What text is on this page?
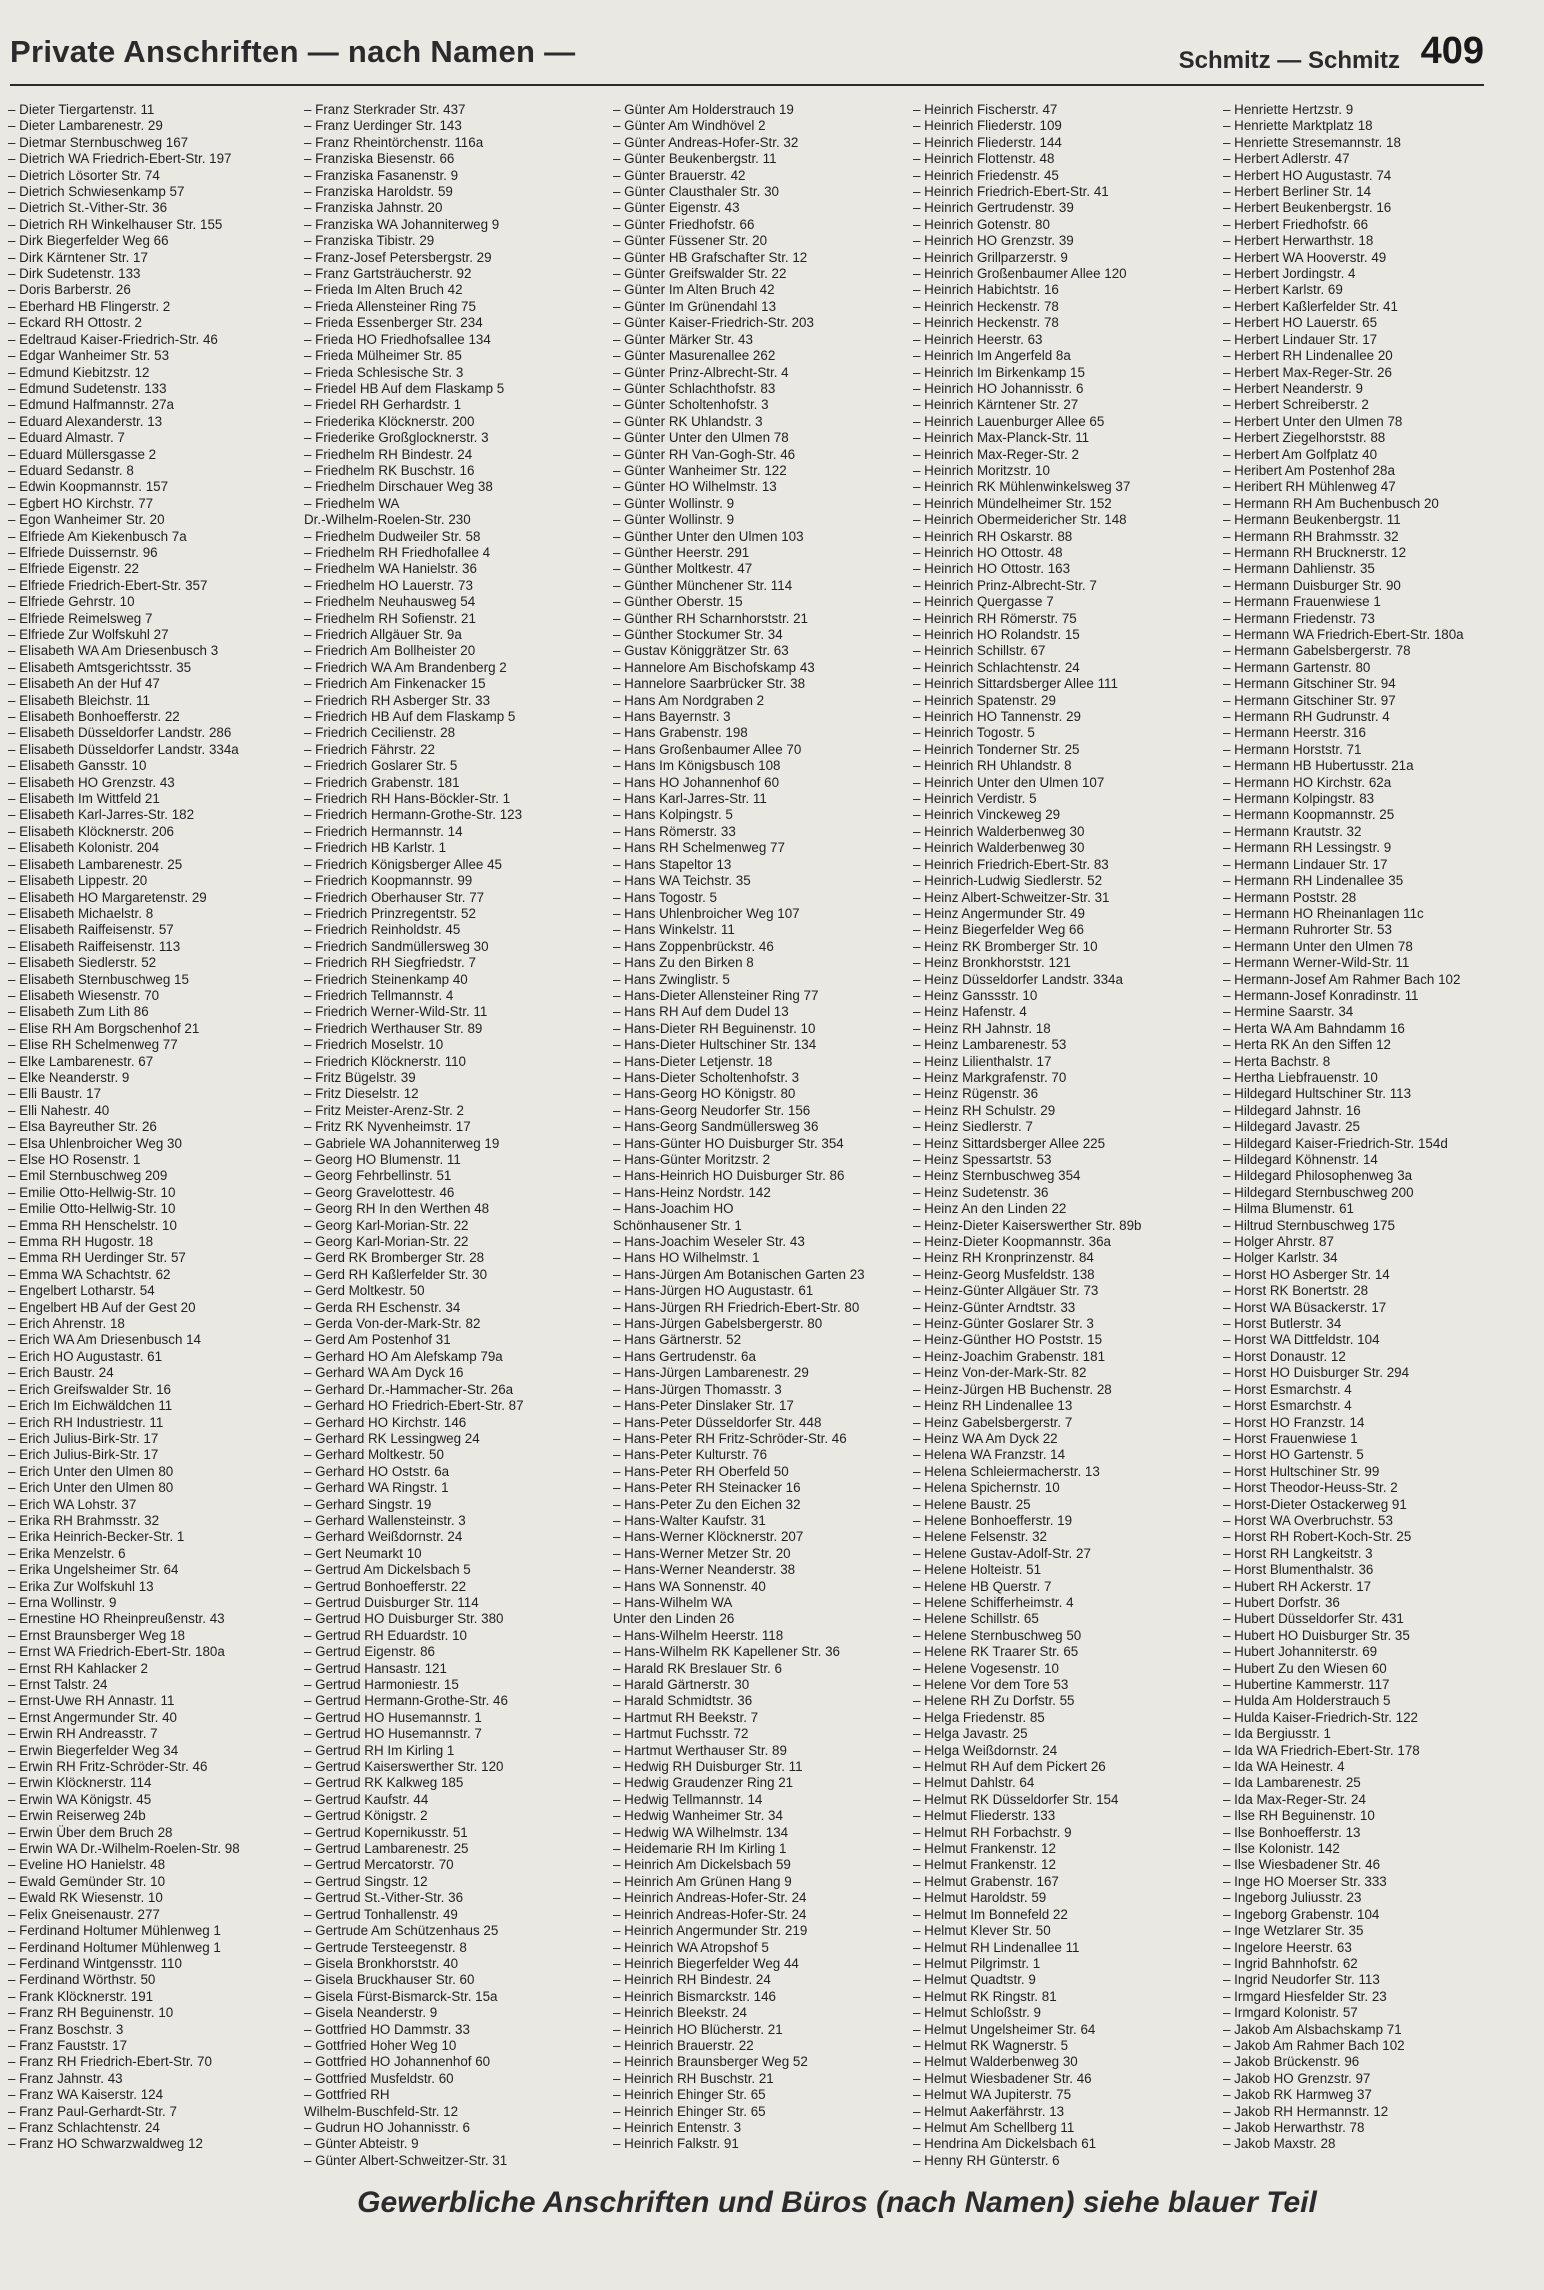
Private Anschriften — nach Namen —	Schmitz — Schmitz 409
– Dieter Tiergartenstr. 11
– Dieter Lambarenestr. 29
– Dietmar Sternbuschweg 167
– Dietrich WA Friedrich-Ebert-Str. 197
– Dietrich Lösorter Str. 74
– Dietrich Schwiesenkamp 57
– Dietrich St.-Vither-Str. 36
– Dietrich RH Winkelhauser Str. 155
– Dirk Biegerfelder Weg 66
– Dirk Kärntener Str. 17
– Dirk Sudetenstr. 133
– Doris Barberstr. 26
– Eberhard HB Flingerstr. 2
– Eckard RH Ottostr. 2
– Edeltraud Kaiser-Friedrich-Str. 46
– Edgar Wanheimer Str. 53
– Edmund Kiebitzstr. 12
– Edmund Sudetenstr. 133
– Edmund Halfmannstr. 27a
– Eduard Alexanderstr. 13
– Eduard Almastr. 7
– Eduard Müllersgasse 2
– Eduard Sedanstr. 8
– Edwin Koopmannstr. 157
– Egbert HO Kirchstr. 77
– Egon Wanheimer Str. 20
– Elfriede Am Kiekenbusch 7a
– Elfriede Duissernstr. 96
– Elfriede Eigenstr. 22
– Elfriede Friedrich-Ebert-Str. 357
– Elfriede Gehrstr. 10
– Elfriede Reimelsweg 7
– Elfriede Zur Wolfskuhl 27
– Elisabeth WA Am Driesenbusch 3
– Elisabeth Amtsgerichtsstr. 35
– Elisabeth An der Huf 47
– Elisabeth Bleichstr. 11
– Elisabeth Bonhoefferstr. 22
– Elisabeth Düsseldorfer Landstr. 286
– Elisabeth Düsseldorfer Landstr. 334a
– Elisabeth Gansstr. 10
– Elisabeth HO Grenzstr. 43
– Elisabeth Im Wittfeld 21
– Elisabeth Karl-Jarres-Str. 182
– Elisabeth Klöcknerstr. 206
– Elisabeth Kolonistr. 204
– Elisabeth Lambarenestr. 25
– Elisabeth Lippestr. 20
– Elisabeth HO Margaretenstr. 29
– Elisabeth Michaelstr. 8
– Elisabeth Raiffeisenstr. 57
– Elisabeth Raiffeisenstr. 113
– Elisabeth Siedlerstr. 52
– Elisabeth Sternbuschweg 15
– Elisabeth Wiesenstr. 70
– Elisabeth Zum Lith 86
– Elise RH Am Borgschenhof 21
– Elise RH Schelmenweg 77
– Elke Lambarenestr. 67
– Elke Neanderstr. 9
– Elli Baustr. 17
– Elli Nahestr. 40
– Elsa Bayreuther Str. 26
– Elsa Uhlenbroicher Weg 30
– Else HO Rosenstr. 1
– Emil Sternbuschweg 209
– Emilie Otto-Hellwig-Str. 10
– Emilie Otto-Hellwig-Str. 10
– Emma RH Henschelstr. 10
– Emma RH Hugostr. 18
– Emma RH Uerdinger Str. 57
– Emma WA Schachtstr. 62
– Engelbert Lotharstr. 54
– Engelbert HB Auf der Gest 20
– Erich Ahrenstr. 18
– Erich WA Am Driesenbusch 14
– Erich HO Augustastr. 61
– Erich Baustr. 24
– Erich Greifswalder Str. 16
– Erich Im Eichwäldchen 11
– Erich RH Industriestr. 11
– Erich Julius-Birk-Str. 17
– Erich Julius-Birk-Str. 17
– Erich Unter den Ulmen 80
– Erich Unter den Ulmen 80
– Erich WA Lohstr. 37
– Erika RH Brahmsstr. 32
– Erika Heinrich-Becker-Str. 1
– Erika Menzelstr. 6
– Erika Ungelsheimer Str. 64
– Erika Zur Wolfskuhl 13
– Erna Wollinstr. 9
– Ernestine HO Rheinpreußenstr. 43
– Ernst Braunsberger Weg 18
– Ernst WA Friedrich-Ebert-Str. 180a
– Ernst RH Kahlacker 2
– Ernst Talstr. 24
– Ernst-Uwe RH Annastr. 11
– Ernst Angermunder Str. 40
– Erwin RH Andreasstr. 7
– Erwin Biegerfelder Weg 34
– Erwin RH Fritz-Schröder-Str. 46
– Erwin Klöcknerstr. 114
– Erwin WA Königstr. 45
– Erwin Reiserweg 24b
– Erwin Über dem Bruch 28
– Erwin WA Dr.-Wilhelm-Roelen-Str. 98
– Eveline HO Hanielstr. 48
– Ewald Gemünder Str. 10
– Ewald RK Wiesenstr. 10
– Felix Gneisenaustr. 277
– Ferdinand Holtumer Mühlenweg 1
– Ferdinand Holtumer Mühlenweg 1
– Ferdinand Wintgensstr. 110
– Ferdinand Wörthstr. 50
– Frank Klöcknerstr. 191
– Franz RH Beguinenstr. 10
– Franz Boschstr. 3
– Franz Fauststr. 17
– Franz RH Friedrich-Ebert-Str. 70
– Franz Jahnstr. 43
– Franz WA Kaiserstr. 124
– Franz Paul-Gerhardt-Str. 7
– Franz Schlachtenstr. 24
– Franz HO Schwarzwaldweg 12
– Franz Sterkrader Str. 437
– Franz Uerdinger Str. 143
– Franz Rheintörchenstr. 116a
– Franziska Biesenstr. 66
– Franziska Fasanenstr. 9
– Franziska Haroldstr. 59
– Franziska Jahnstr. 20
– Franziska WA Johanniterweg 9
– Franziska Tibistr. 29
– Franz-Josef Petersbergstr. 29
– Franz Gartsträucherstr. 92
– Frieda Im Alten Bruch 42
– Frieda Allensteiner Ring 75
– Frieda Essenberger Str. 234
– Frieda HO Friedhofsallee 134
– Frieda Mülheimer Str. 85
– Frieda Schlesische Str. 3
– Friedel HB Auf dem Flaskamp 5
– Friedel RH Gerhardstr. 1
– Friederika Klöcknerstr. 200
– Friederike Großglocknerstr. 3
– Friedhelm RH Bindestr. 24
– Friedhelm RK Buschstr. 16
– Friedhelm Dirschauer Weg 38
– Friedhelm WA
Dr.-Wilhelm-Roelen-Str. 230
– Friedhelm Dudweiler Str. 58
– Friedhelm RH Friedhofallee 4
– Friedhelm WA Hanielstr. 36
– Friedhelm HO Lauerstr. 73
– Friedhelm Neuhausweg 54
– Friedhelm RH Sofienstr. 21
– Friedrich Allgäuer Str. 9a
– Friedrich Am Bollheister 20
– Friedrich WA Am Brandenberg 2
– Friedrich Am Finkenacker 15
– Friedrich RH Asberger Str. 33
– Friedrich HB Auf dem Flaskamp 5
– Friedrich Cecilienstr. 28
– Friedrich Fährstr. 22
– Friedrich Goslarer Str. 5
– Friedrich Grabenstr. 181
– Friedrich RH Hans-Böckler-Str. 1
– Friedrich Hermann-Grothe-Str. 123
– Friedrich Hermannstr. 14
– Friedrich HB Karlstr. 1
– Friedrich Königsberger Allee 45
– Friedrich Koopmannstr. 99
– Friedrich Oberhauser Str. 77
– Friedrich Prinzregentstr. 52
– Friedrich Reinholdstr. 45
– Friedrich Sandmüllersweg 30
– Friedrich RH Siegfriedstr. 7
– Friedrich Steinenkamp 40
– Friedrich Tellmannstr. 4
– Friedrich Werner-Wild-Str. 11
– Friedrich Werthauser Str. 89
– Friedrich Moselstr. 10
– Friedrich Klöcknerstr. 110
– Fritz Bügelstr. 39
– Fritz Dieselstr. 12
– Fritz Meister-Arenz-Str. 2
– Fritz RK Nyvenheimstr. 17
– Gabriele WA Johanniterweg 19
– Georg HO Blumenstr. 11
– Georg Fehrbellinstr. 51
– Georg Gravelottestr. 46
– Georg RH In den Werthen 48
– Georg Karl-Morian-Str. 22
– Georg Karl-Morian-Str. 22
– Gerd RK Bromberger Str. 28
– Gerd RH Kaßlerfelder Str. 30
– Gerd Moltkestr. 50
– Gerda RH Eschenstr. 34
– Gerda Von-der-Mark-Str. 82
– Gerd Am Postenhof 31
– Gerhard HO Am Alefskamp 79a
– Gerhard WA Am Dyck 16
– Gerhard Dr.-Hammacher-Str. 26a
– Gerhard HO Friedrich-Ebert-Str. 87
– Gerhard HO Kirchstr. 146
– Gerhard RK Lessingweg 24
– Gerhard Moltkestr. 50
– Gerhard HO Oststr. 6a
– Gerhard WA Ringstr. 1
– Gerhard Singstr. 19
– Gerhard Wallensteinstr. 3
– Gerhard Weißdornstr. 24
– Gert Neumarkt 10
– Gertrud Am Dickelsbach 5
– Gertrud Bonhoefferstr. 22
– Gertrud Duisburger Str. 114
– Gertrud HO Duisburger Str. 380
– Gertrud RH Eduardstr. 10
– Gertrud Eigenstr. 86
– Gertrud Hansastr. 121
– Gertrud Harmoniestr. 15
– Gertrud Hermann-Grothe-Str. 46
– Gertrud HO Husemannstr. 1
– Gertrud HO Husemannstr. 7
– Gertrud RH Im Kirling 1
– Gertrud Kaiserswerther Str. 120
– Gertrud RK Kalkweg 185
– Gertrud Kaufstr. 44
– Gertrud Königstr. 2
– Gertrud Kopernikusstr. 51
– Gertrud Lambarenestr. 25
– Gertrud Mercatorstr. 70
– Gertrud Singstr. 12
– Gertrud St.-Vither-Str. 36
– Gertrud Tonhallenstr. 49
– Gertrude Am Schützenhaus 25
– Gertrude Tersteegenstr. 8
– Gisela Bronkhorststr. 40
– Gisela Bruckhauser Str. 60
– Gisela Fürst-Bismarck-Str. 15a
– Gisela Neanderstr. 9
– Gottfried HO Dammstr. 33
– Gottfried Hoher Weg 10
– Gottfried HO Johannenhof 60
– Gottfried Musfeldstr. 60
– Gottfried RH
Wilhelm-Buschfeld-Str. 12
– Gudrun HO Johannisstr. 6
– Günter Abteistr. 9
– Günter Albert-Schweitzer-Str. 31
– Günter Am Holderstrauch 19
– Günter Am Windhövel 2
– Günter Andreas-Hofer-Str. 32
– Günter Beukenbergstr. 11
– Günter Brauerstr. 42
– Günter Clausthaler Str. 30
– Günter Eigenstr. 43
– Günter Friedhofstr. 66
– Günter Füssener Str. 20
– Günter HB Grafschafter Str. 12
– Günter Greifswalder Str. 22
– Günter Im Alten Bruch 42
– Günter Im Grünendahl 13
– Günter Kaiser-Friedrich-Str. 203
– Günter Märker Str. 43
– Günter Masurenallee 262
– Günter Prinz-Albrecht-Str. 4
– Günter Schlachthofstr. 83
– Günter Scholtenhofstr. 3
– Günter RK Uhlandstr. 3
– Günter Unter den Ulmen 78
– Günter RH Van-Gogh-Str. 46
– Günter Wanheimer Str. 122
– Günter HO Wilhelmstr. 13
– Günter Wollinstr. 9
– Günter Wollinstr. 9
– Günther Unter den Ulmen 103
– Günther Heerstr. 291
– Günther Moltkestr. 47
– Günther Münchener Str. 114
– Günther Oberstr. 15
– Günther RH Scharnhorststr. 21
– Günther Stockumer Str. 34
– Gustav Königgrätzer Str. 63
– Hannelore Am Bischofskamp 43
– Hannelore Saarbrücker Str. 38
– Hans Am Nordgraben 2
– Hans Bayernstr. 3
– Hans Grabenstr. 198
– Hans Großenbaumer Allee 70
– Hans Im Königsbusch 108
– Hans HO Johannenhof 60
– Hans Karl-Jarres-Str. 11
– Hans Kolpingstr. 5
– Hans Römerstr. 33
– Hans RH Schelmenweg 77
– Hans Stapeltor 13
– Hans WA Teichstr. 35
– Hans Togostr. 5
– Hans Uhlenbroicher Weg 107
– Hans Winkelstr. 11
– Hans Zoppenbrückstr. 46
– Hans Zu den Birken 8
– Hans Zwinglistr. 5
– Hans-Dieter Allensteiner Ring 77
– Hans RH Auf dem Dudel 13
– Hans-Dieter RH Beguinenstr. 10
– Hans-Dieter Hultschiner Str. 134
– Hans-Dieter Letjenstr. 18
– Hans-Dieter Scholtenhofstr. 3
– Hans-Georg HO Königstr. 80
– Hans-Georg Neudorfer Str. 156
– Hans-Georg Sandmüllersweg 36
– Hans-Günter HO Duisburger Str. 354
– Hans-Günter Moritzstr. 2
– Hans-Heinrich HO Duisburger Str. 86
– Hans-Heinz Nordstr. 142
– Hans-Joachim HO
Schönhausener Str. 1
– Hans-Joachim Weseler Str. 43
– Hans HO Wilhelmstr. 1
– Hans-Jürgen Am Botanischen Garten 23
– Hans-Jürgen HO Augustastr. 61
– Hans-Jürgen RH Friedrich-Ebert-Str. 80
– Hans-Jürgen Gabelsbergerstr. 80
– Hans Gärtnerstr. 52
– Hans Gertrudenstr. 6a
– Hans-Jürgen Lambarenestr. 29
– Hans-Jürgen Thomasstr. 3
– Hans-Peter Dinslaker Str. 17
– Hans-Peter Düsseldorfer Str. 448
– Hans-Peter RH Fritz-Schröder-Str. 46
– Hans-Peter Kulturstr. 76
– Hans-Peter RH Oberfeld 50
– Hans-Peter RH Steinacker 16
– Hans-Peter Zu den Eichen 32
– Hans-Walter Kaufstr. 31
– Hans-Werner Klöcknerstr. 207
– Hans-Werner Metzer Str. 20
– Hans-Werner Neanderstr. 38
– Hans WA Sonnenstr. 40
– Hans-Wilhelm WA
Unter den Linden 26
– Hans-Wilhelm Heerstr. 118
– Hans-Wilhelm RK Kapellener Str. 36
– Harald RK Breslauer Str. 6
– Harald Gärtnerstr. 30
– Harald Schmidtstr. 36
– Hartmut RH Beekstr. 7
– Hartmut Fuchsstr. 72
– Hartmut Werthauser Str. 89
– Hedwig RH Duisburger Str. 11
– Hedwig Graudenzer Ring 21
– Hedwig Tellmannstr. 14
– Hedwig Wanheimer Str. 34
– Hedwig WA Wilhelmstr. 134
– Heidemarie RH Im Kirling 1
– Heinrich Am Dickelsbach 59
– Heinrich Am Grünen Hang 9
– Heinrich Andreas-Hofer-Str. 24
– Heinrich Andreas-Hofer-Str. 24
– Heinrich Angermunder Str. 219
– Heinrich WA Atropshof 5
– Heinrich Biegerfelder Weg 44
– Heinrich RH Bindestr. 24
– Heinrich Bismarckstr. 146
– Heinrich Bleekstr. 24
– Heinrich HO Blücherstr. 21
– Heinrich Brauerstr. 22
– Heinrich Braunsberger Weg 52
– Heinrich RH Buschstr. 21
– Heinrich Ehinger Str. 65
– Heinrich Ehinger Str. 65
– Heinrich Entenstr. 3
– Heinrich Falkstr. 91
– Heinrich Fischerstr. 47
– Heinrich Fliederstr. 109
– Heinrich Fliederstr. 144
– Heinrich Flottenstr. 48
– Heinrich Friedenstr. 45
– Heinrich Friedrich-Ebert-Str. 41
– Heinrich Gertrudenstr. 39
– Heinrich Gotenstr. 80
– Heinrich HO Grenzstr. 39
– Heinrich Grillparzerstr. 9
– Heinrich Großenbaumer Allee 120
– Heinrich Habichtstr. 16
– Heinrich Heckenstr. 78
– Heinrich Heckenstr. 78
– Heinrich Heerstr. 63
– Heinrich Im Angerfeld 8a
– Heinrich Im Birkenkamp 15
– Heinrich HO Johannisstr. 6
– Heinrich Kärntener Str. 27
– Heinrich Lauenburger Allee 65
– Heinrich Max-Planck-Str. 11
– Heinrich Max-Reger-Str. 2
– Heinrich Moritzstr. 10
– Heinrich RK Mühlenwinkelsweg 37
– Heinrich Mündelheimer Str. 152
– Heinrich Obermeidericher Str. 148
– Heinrich RH Oskarstr. 88
– Heinrich HO Ottostr. 48
– Heinrich HO Ottostr. 163
– Heinrich Prinz-Albrecht-Str. 7
– Heinrich Quergasse 7
– Heinrich RH Römerstr. 75
– Heinrich HO Rolandstr. 15
– Heinrich Schillstr. 67
– Heinrich Schlachtenstr. 24
– Heinrich Sittardsberger Allee 111
– Heinrich Spatenstr. 29
– Heinrich HO Tannenstr. 29
– Heinrich Togostr. 5
– Heinrich Tonderner Str. 25
– Heinrich RH Uhlandstr. 8
– Heinrich Unter den Ulmen 107
– Heinrich Verdistr. 5
– Heinrich Vinckeweg 29
– Heinrich Walderbenweg 30
– Heinrich Walderbenweg 30
– Heinrich Friedrich-Ebert-Str. 83
– Heinrich-Ludwig Siedlerstr. 52
– Heinz Albert-Schweitzer-Str. 31
– Heinz Angermunder Str. 49
– Heinz Biegerfelder Weg 66
– Heinz RK Bromberger Str. 10
– Heinz Bronkhorststr. 121
– Heinz Düsseldorfer Landstr. 334a
– Heinz Ganssstr. 10
– Heinz Hafenstr. 4
– Heinz RH Jahnstr. 18
– Heinz Lambarenestr. 53
– Heinz Lilienthalstr. 17
– Heinz Markgrafenstr. 70
– Heinz Rügenstr. 36
– Heinz RH Schulstr. 29
– Heinz Siedlerstr. 7
– Heinz Sittardsberger Allee 225
– Heinz Spessartstr. 53
– Heinz Sternbuschweg 354
– Heinz Sudetenstr. 36
– Heinz An den Linden 22
– Heinz-Dieter Kaiserswerther Str. 89b
– Heinz-Dieter Koopmannstr. 36a
– Heinz RH Kronprinzenstr. 84
– Heinz-Georg Musfeldstr. 138
– Heinz-Günter Allgäuer Str. 73
– Heinz-Günter Arndtstr. 33
– Heinz-Günter Goslarer Str. 3
– Heinz-Günther HO Poststr. 15
– Heinz-Joachim Grabenstr. 181
– Heinz Von-der-Mark-Str. 82
– Heinz-Jürgen HB Buchenstr. 28
– Heinz RH Lindenallee 13
– Heinz Gabelsbergerstr. 7
– Heinz WA Am Dyck 22
– Helena WA Franzstr. 14
– Helena Schleiermacherstr. 13
– Helena Spichernstr. 10
– Helene Baustr. 25
– Helene Bonhoefferstr. 19
– Helene Felsenstr. 32
– Helene Gustav-Adolf-Str. 27
– Helene Holteistr. 51
– Helene HB Querstr. 7
– Helene Schifferheimstr. 4
– Helene Schillstr. 65
– Helene Sternbuschweg 50
– Helene RK Traarer Str. 65
– Helene Vogesenstr. 10
– Helene Vor dem Tore 53
– Helene RH Zu Dorfstr. 55
– Helga Friedenstr. 85
– Helga Javastr. 25
– Helga Weißdornstr. 24
– Helmut RH Auf dem Pickert 26
– Helmut Dahlstr. 64
– Helmut RK Düsseldorfer Str. 154
– Helmut Fliederstr. 133
– Helmut RH Forbachstr. 9
– Helmut Frankenstr. 12
– Helmut Frankenstr. 12
– Helmut Grabenstr. 167
– Helmut Haroldstr. 59
– Helmut Im Bonnefeld 22
– Helmut Klever Str. 50
– Helmut RH Lindenallee 11
– Helmut Pilgrimstr. 1
– Helmut Quadtstr. 9
– Helmut RK Ringstr. 81
– Helmut Schloßstr. 9
– Helmut Ungelsheimer Str. 64
– Helmut RK Wagnerstr. 5
– Helmut Walderbenweg 30
– Helmut Wiesbadener Str. 46
– Helmut WA Jupiterstr. 75
– Helmut Aakerfährstr. 13
– Helmut Am Schellberg 11
– Hendrina Am Dickelsbach 61
– Henny RH Günterstr. 6
– Henriette Hertzstr. 9
– Henriette Marktplatz 18
– Henriette Stresemannstr. 18
– Herbert Adlerstr. 47
– Herbert HO Augustastr. 74
– Herbert Berliner Str. 14
– Herbert Beukenbergstr. 16
– Herbert Friedhofstr. 66
– Herbert Herwarthstr. 18
– Herbert WA Hooverstr. 49
– Herbert Jordingstr. 4
– Herbert Karlstr. 69
– Herbert Kaßlerfelder Str. 41
– Herbert HO Lauerstr. 65
– Herbert Lindauer Str. 17
– Herbert RH Lindenallee 20
– Herbert Max-Reger-Str. 26
– Herbert Neanderstr. 9
– Herbert Schreiberstr. 2
– Herbert Unter den Ulmen 78
– Herbert Ziegelhorststr. 88
– Herbert Am Golfplatz 40
– Heribert Am Postenhof 28a
– Heribert RH Mühlenweg 47
– Hermann RH Am Buchenbusch 20
– Hermann Beukenbergstr. 11
– Hermann RH Brahmsstr. 32
– Hermann RH Brucknerstr. 12
– Hermann Dahlienstr. 35
– Hermann Duisburger Str. 90
– Hermann Frauenwiese 1
– Hermann Friedenstr. 73
– Hermann WA Friedrich-Ebert-Str. 180a
– Hermann Gabelsbergerstr. 78
– Hermann Gartenstr. 80
– Hermann Gitschiner Str. 94
– Hermann Gitschiner Str. 97
– Hermann RH Gudrunstr. 4
– Hermann Heerstr. 316
– Hermann Horststr. 71
– Hermann HB Hubertusstr. 21a
– Hermann HO Kirchstr. 62a
– Hermann Kolpingstr. 83
– Hermann Koopmannstr. 25
– Hermann Krautstr. 32
– Hermann RH Lessingstr. 9
– Hermann Lindauer Str. 17
– Hermann RH Lindenallee 35
– Hermann Poststr. 28
– Hermann HO Rheinanlagen 11c
– Hermann Ruhrorter Str. 53
– Hermann Unter den Ulmen 78
– Hermann Werner-Wild-Str. 11
– Hermann-Josef Am Rahmer Bach 102
– Hermann-Josef Konradinstr. 11
– Hermine Saarstr. 34
– Herta WA Am Bahndamm 16
– Herta RK An den Siffen 12
– Herta Bachstr. 8
– Hertha Liebfrauenstr. 10
– Hildegard Hultschiner Str. 113
– Hildegard Jahnstr. 16
– Hildegard Javastr. 25
– Hildegard Kaiser-Friedrich-Str. 154d
– Hildegard Köhnenstr. 14
– Hildegard Philosophenweg 3a
– Hildegard Sternbuschweg 200
– Hilma Blumenstr. 61
– Hiltrud Sternbuschweg 175
– Holger Ahrstr. 87
– Holger Karlstr. 34
– Horst HO Asberger Str. 14
– Horst RK Bonertstr. 28
– Horst WA Büsackerstr. 17
– Horst Butlerstr. 34
– Horst WA Dittfeldstr. 104
– Horst Donaustr. 12
– Horst HO Duisburger Str. 294
– Horst Esmarchstr. 4
– Horst Esmarchstr. 4
– Horst HO Franzstr. 14
– Horst Frauenwiese 1
– Horst HO Gartenstr. 5
– Horst Hultschiner Str. 99
– Horst Theodor-Heuss-Str. 2
– Horst-Dieter Ostackerweg 91
– Horst WA Overbruchstr. 53
– Horst RH Robert-Koch-Str. 25
– Horst RH Langkeitstr. 3
– Horst Blumenthalstr. 36
– Hubert RH Ackerstr. 17
– Hubert Dorfstr. 36
– Hubert Düsseldorfer Str. 431
– Hubert HO Duisburger Str. 35
– Hubert Johanniterstr. 69
– Hubert Zu den Wiesen 60
– Hubertine Kammerstr. 117
– Hulda Am Holderstrauch 5
– Hulda Kaiser-Friedrich-Str. 122
– Ida Bergiusstr. 1
– Ida WA Friedrich-Ebert-Str. 178
– Ida WA Heinestr. 4
– Ida Lambarenestr. 25
– Ida Max-Reger-Str. 24
– Ilse RH Beguinenstr. 10
– Ilse Bonhoefferstr. 13
– Ilse Kolonistr. 142
– Ilse Wiesbadener Str. 46
– Inge HO Moerser Str. 333
– Ingeborg Juliusstr. 23
– Ingeborg Grabenstr. 104
– Inge Wetzlarer Str. 35
– Ingelore Heerstr. 63
– Ingrid Bahnhofstr. 62
– Ingrid Neudorfer Str. 113
– Irmgard Hiesfelder Str. 23
– Irmgard Kolonistr. 57
– Jakob Am Alsbachskamp 71
– Jakob Am Rahmer Bach 102
– Jakob Brückenstr. 96
– Jakob HO Grenzstr. 97
– Jakob RK Harmweg 37
– Jakob RH Hermannstr. 12
– Jakob Herwarthstr. 78
– Jakob Maxstr. 28
Gewerbliche Anschriften und Büros (nach Namen) siehe blauer Teil
